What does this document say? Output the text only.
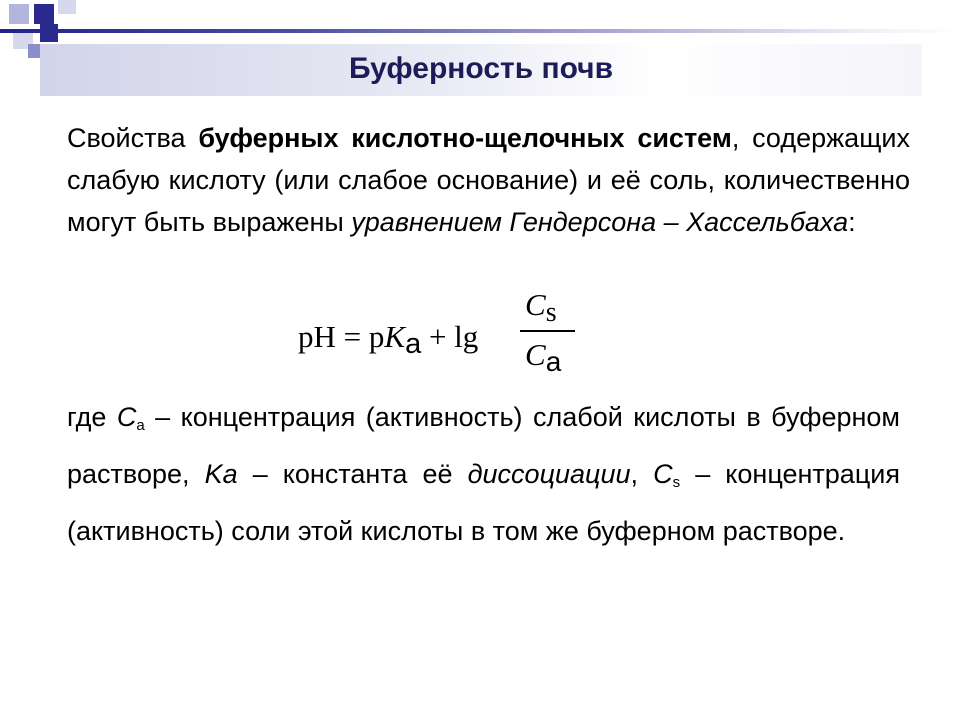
Буферность почв
Свойства буферных кислотно-щелочных систем, содержащих слабую кислоту (или слабое основание) и её соль, количественно могут быть выражены уравнением Гендерсона – Хассельбаха:
pH = pKa + lg
Cs
Ca
где $C_a$ – концентрация (активность) слабой кислоты в буферном растворе, Ka – константа её диссоциации, $C_s$ – концентрация (активность) соли этой кислоты в том же буферном растворе.
